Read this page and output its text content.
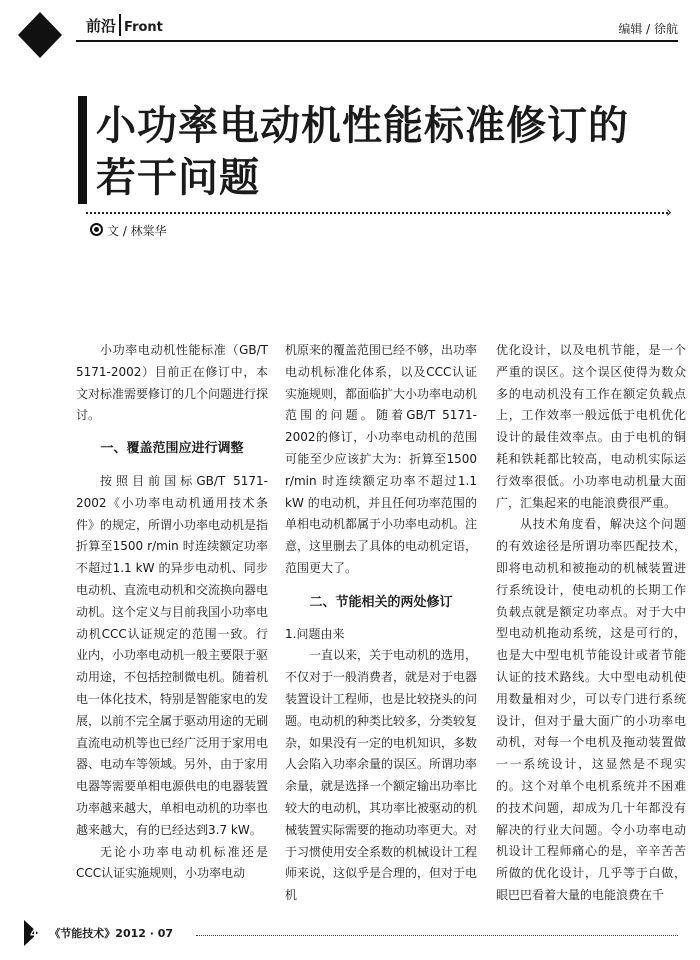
前沿 Front	编辑 / 徐航
小功率电动机性能标准修订的
若干问题
›
文 / 林棠华

小功率电动机性能标准（GB/T 5171-2002）目前正在修订中，本文对标准需要修订的几个问题进行探讨。

一、覆盖范围应进行调整

按照目前国标GB/T 5171-2002《小功率电动机通用技术条件》的规定，所谓小功率电动机是指折算至1500 r/min 时连续额定功率不超过1.1 kW 的异步电动机、同步电动机、直流电动机和交流换向器电动机。这个定义与目前我国小功率电动机CCC认证规定的范围一致。行业内，小功率电动机一般主要限于驱动用途，不包括控制微电机。随着机电一体化技术，特别是智能家电的发展，以前不完全属于驱动用途的无刷直流电动机等也已经广泛用于家用电器、电动车等领域。另外，由于家用电器等需要单相电源供电的电器装置功率越来越大，单相电动机的功率也越来越大，有的已经达到3.7 kW。

无论小功率电动机标准还是CCC认证实施规则，小功率电动

机原来的覆盖范围已经不够，出功率电动机标准化体系，以及CCC认证实施规则，都面临扩大小功率电动机范围的问题。随着GB/T 5171-2002的修订，小功率电动机的范围可能至少应该扩大为：折算至1500 r/min 时连续额定功率不超过1.1 kW 的电动机，并且任何功率范围的单相电动机都属于小功率电动机。注意，这里删去了具体的电动机定语，范围更大了。

二、节能相关的两处修订
1.问题由来

一直以来，关于电动机的选用，不仅对于一般消费者，就是对于电器装置设计工程师，也是比较挠头的问题。电动机的种类比较多，分类较复杂，如果没有一定的电机知识，多数人会陷入功率余量的误区。所谓功率余量，就是选择一个额定输出功率比较大的电动机，其功率比被驱动的机械装置实际需要的拖动功率更大。对于习惯使用安全系数的机械设计工程师来说，这似乎是合理的，但对于电机

优化设计，以及电机节能，是一个严重的误区。这个误区使得为数众多的电动机没有工作在额定负载点上，工作效率一般远低于电机优化设计的最佳效率点。由于电机的铜耗和铁耗都比较高，电动机实际运行效率很低。小功率电动机量大面广，汇集起来的电能浪费很严重。

从技术角度看，解决这个问题的有效途径是所谓功率匹配技术，即将电动机和被拖动的机械装置进行系统设计，使电动机的长期工作负载点就是额定功率点。对于大中型电动机拖动系统，这是可行的，也是大中型电机节能设计或者节能认证的技术路线。大中型电动机使用数量相对少，可以专门进行系统设计，但对于量大面广的小功率电动机，对每一个电机及拖动装置做一一系统设计，这显然是不现实的。这个对单个电机系统并不困难的技术问题，却成为几十年都没有解决的行业大问题。令小功率电动机设计工程师痛心的是，辛辛苦苦所做的优化设计，几乎等于白做，眼巴巴看着大量的电能浪费在千

44 《节能技术》2012 · 07
